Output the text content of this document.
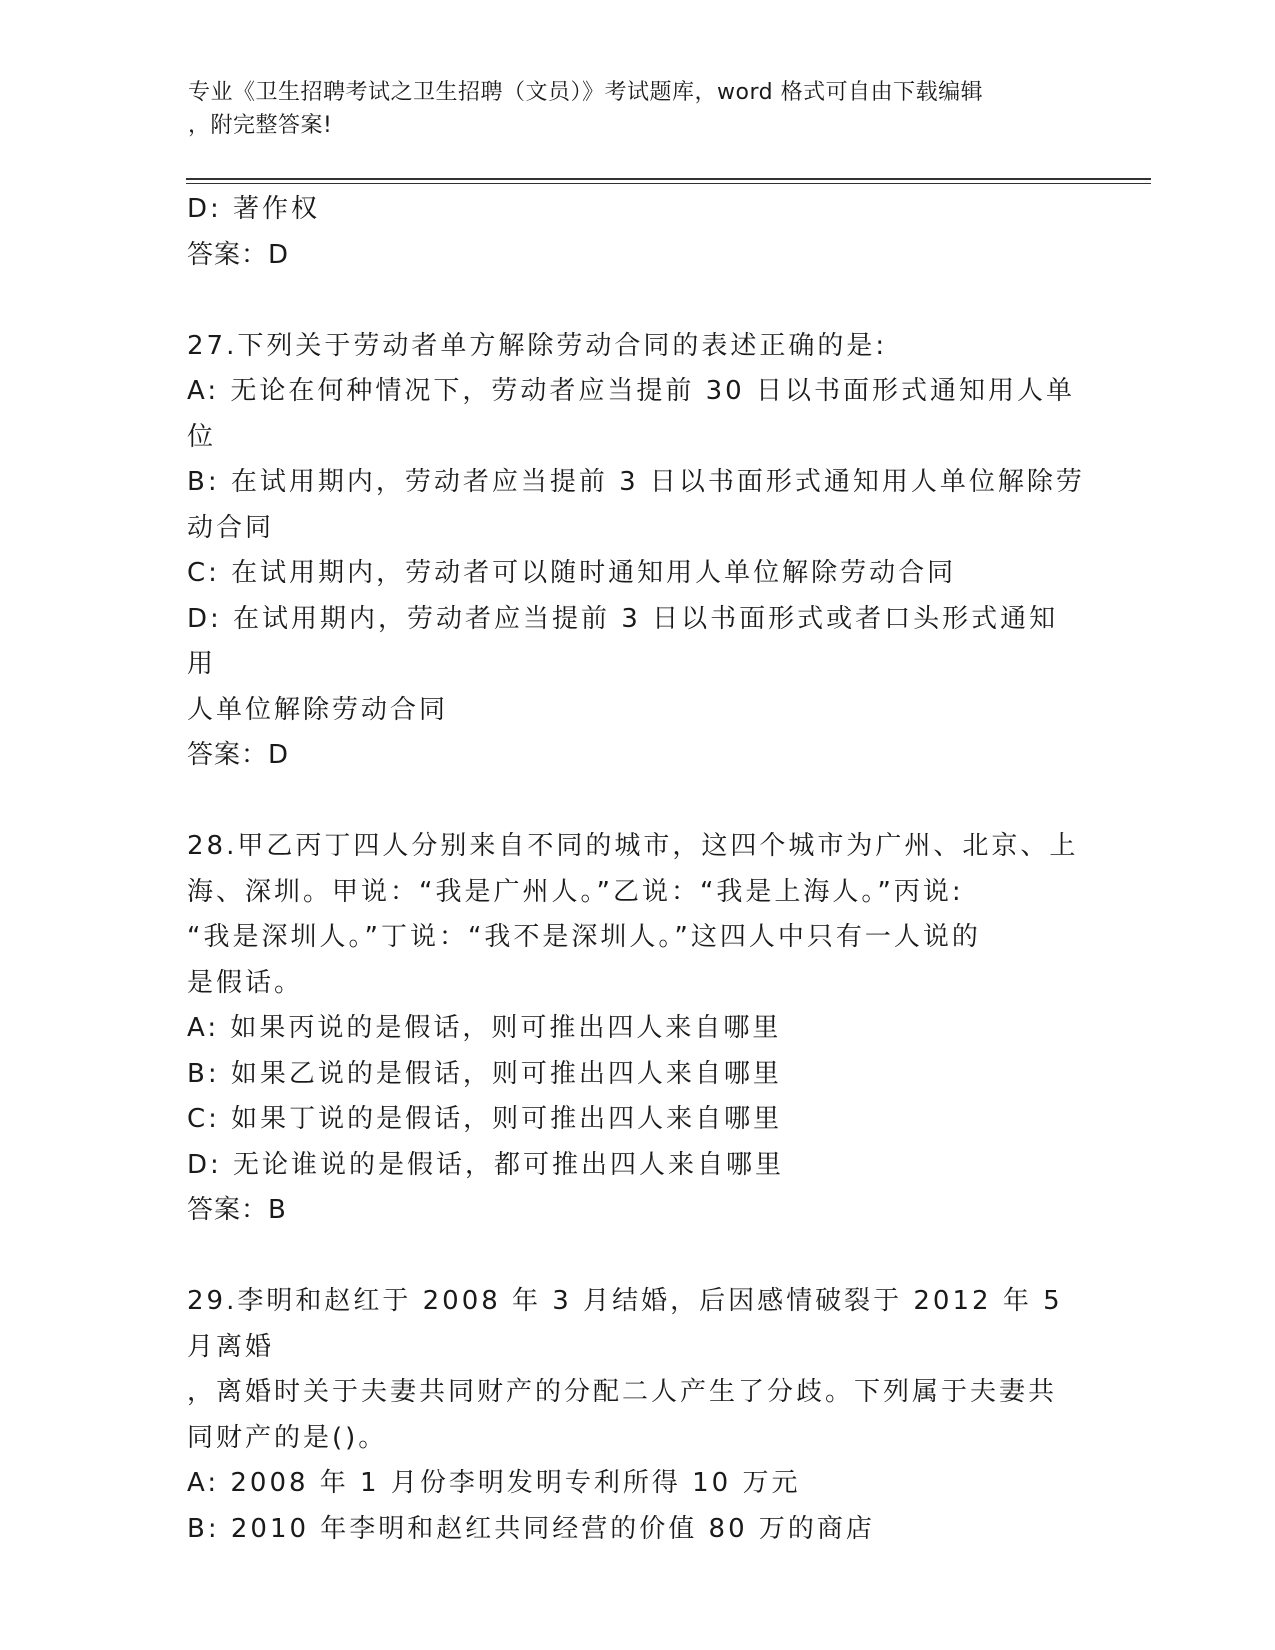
专业《卫生招聘考试之卫生招聘（文员）》考试题库，word 格式可自由下载编辑

，附完整答案!

D: 著作权

答案：D

27.下列关于劳动者单方解除劳动合同的表述正确的是:

A: 无论在何种情况下，劳动者应当提前 30 日以书面形式通知用人单

位

B: 在试用期内，劳动者应当提前 3 日以书面形式通知用人单位解除劳

动合同

C: 在试用期内，劳动者可以随时通知用人单位解除劳动合同

D: 在试用期内，劳动者应当提前 3 日以书面形式或者口头形式通知用

人单位解除劳动合同

答案：D

28.甲乙丙丁四人分别来自不同的城市，这四个城市为广州、北京、上

海、深圳。甲说：“我是广州人。”乙说：“我是上海人。”丙说:

“我是深圳人。”丁说：“我不是深圳人。”这四人中只有一人说的

是假话。

A: 如果丙说的是假话，则可推出四人来自哪里

B: 如果乙说的是假话，则可推出四人来自哪里

C: 如果丁说的是假话，则可推出四人来自哪里

D: 无论谁说的是假话，都可推出四人来自哪里

答案：B

29.李明和赵红于 2008 年 3 月结婚，后因感情破裂于 2012 年 5 月离婚

，离婚时关于夫妻共同财产的分配二人产生了分歧。下列属于夫妻共

同财产的是()。

A: 2008 年 1 月份李明发明专利所得 10 万元

B: 2010 年李明和赵红共同经营的价值 80 万的商店
